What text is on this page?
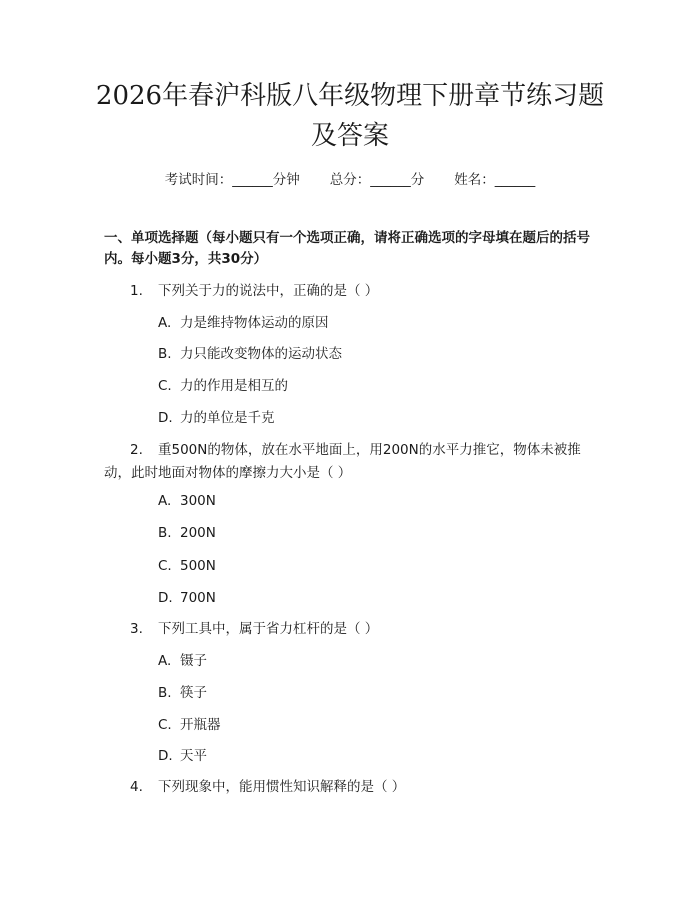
2026年春沪科版八年级物理下册章节练习题及答案
考试时间：______分钟 总分：______分 姓名：______
一、单项选择题（每小题只有一个选项正确，请将正确选项的字母填在题后的括号内。每小题3分，共30分）
1. 下列关于力的说法中，正确的是（ ）
A. 力是维持物体运动的原因
B. 力只能改变物体的运动状态
C. 力的作用是相互的
D. 力的单位是千克
2. 重500N的物体，放在水平地面上，用200N的水平力推它，物体未被推动，此时地面对物体的摩擦力大小是（ ）
A. 300N
B. 200N
C. 500N
D. 700N
3. 下列工具中，属于省力杠杆的是（ ）
A. 镊子
B. 筷子
C. 开瓶器
D. 天平
4. 下列现象中，能用惯性知识解释的是（ ）
